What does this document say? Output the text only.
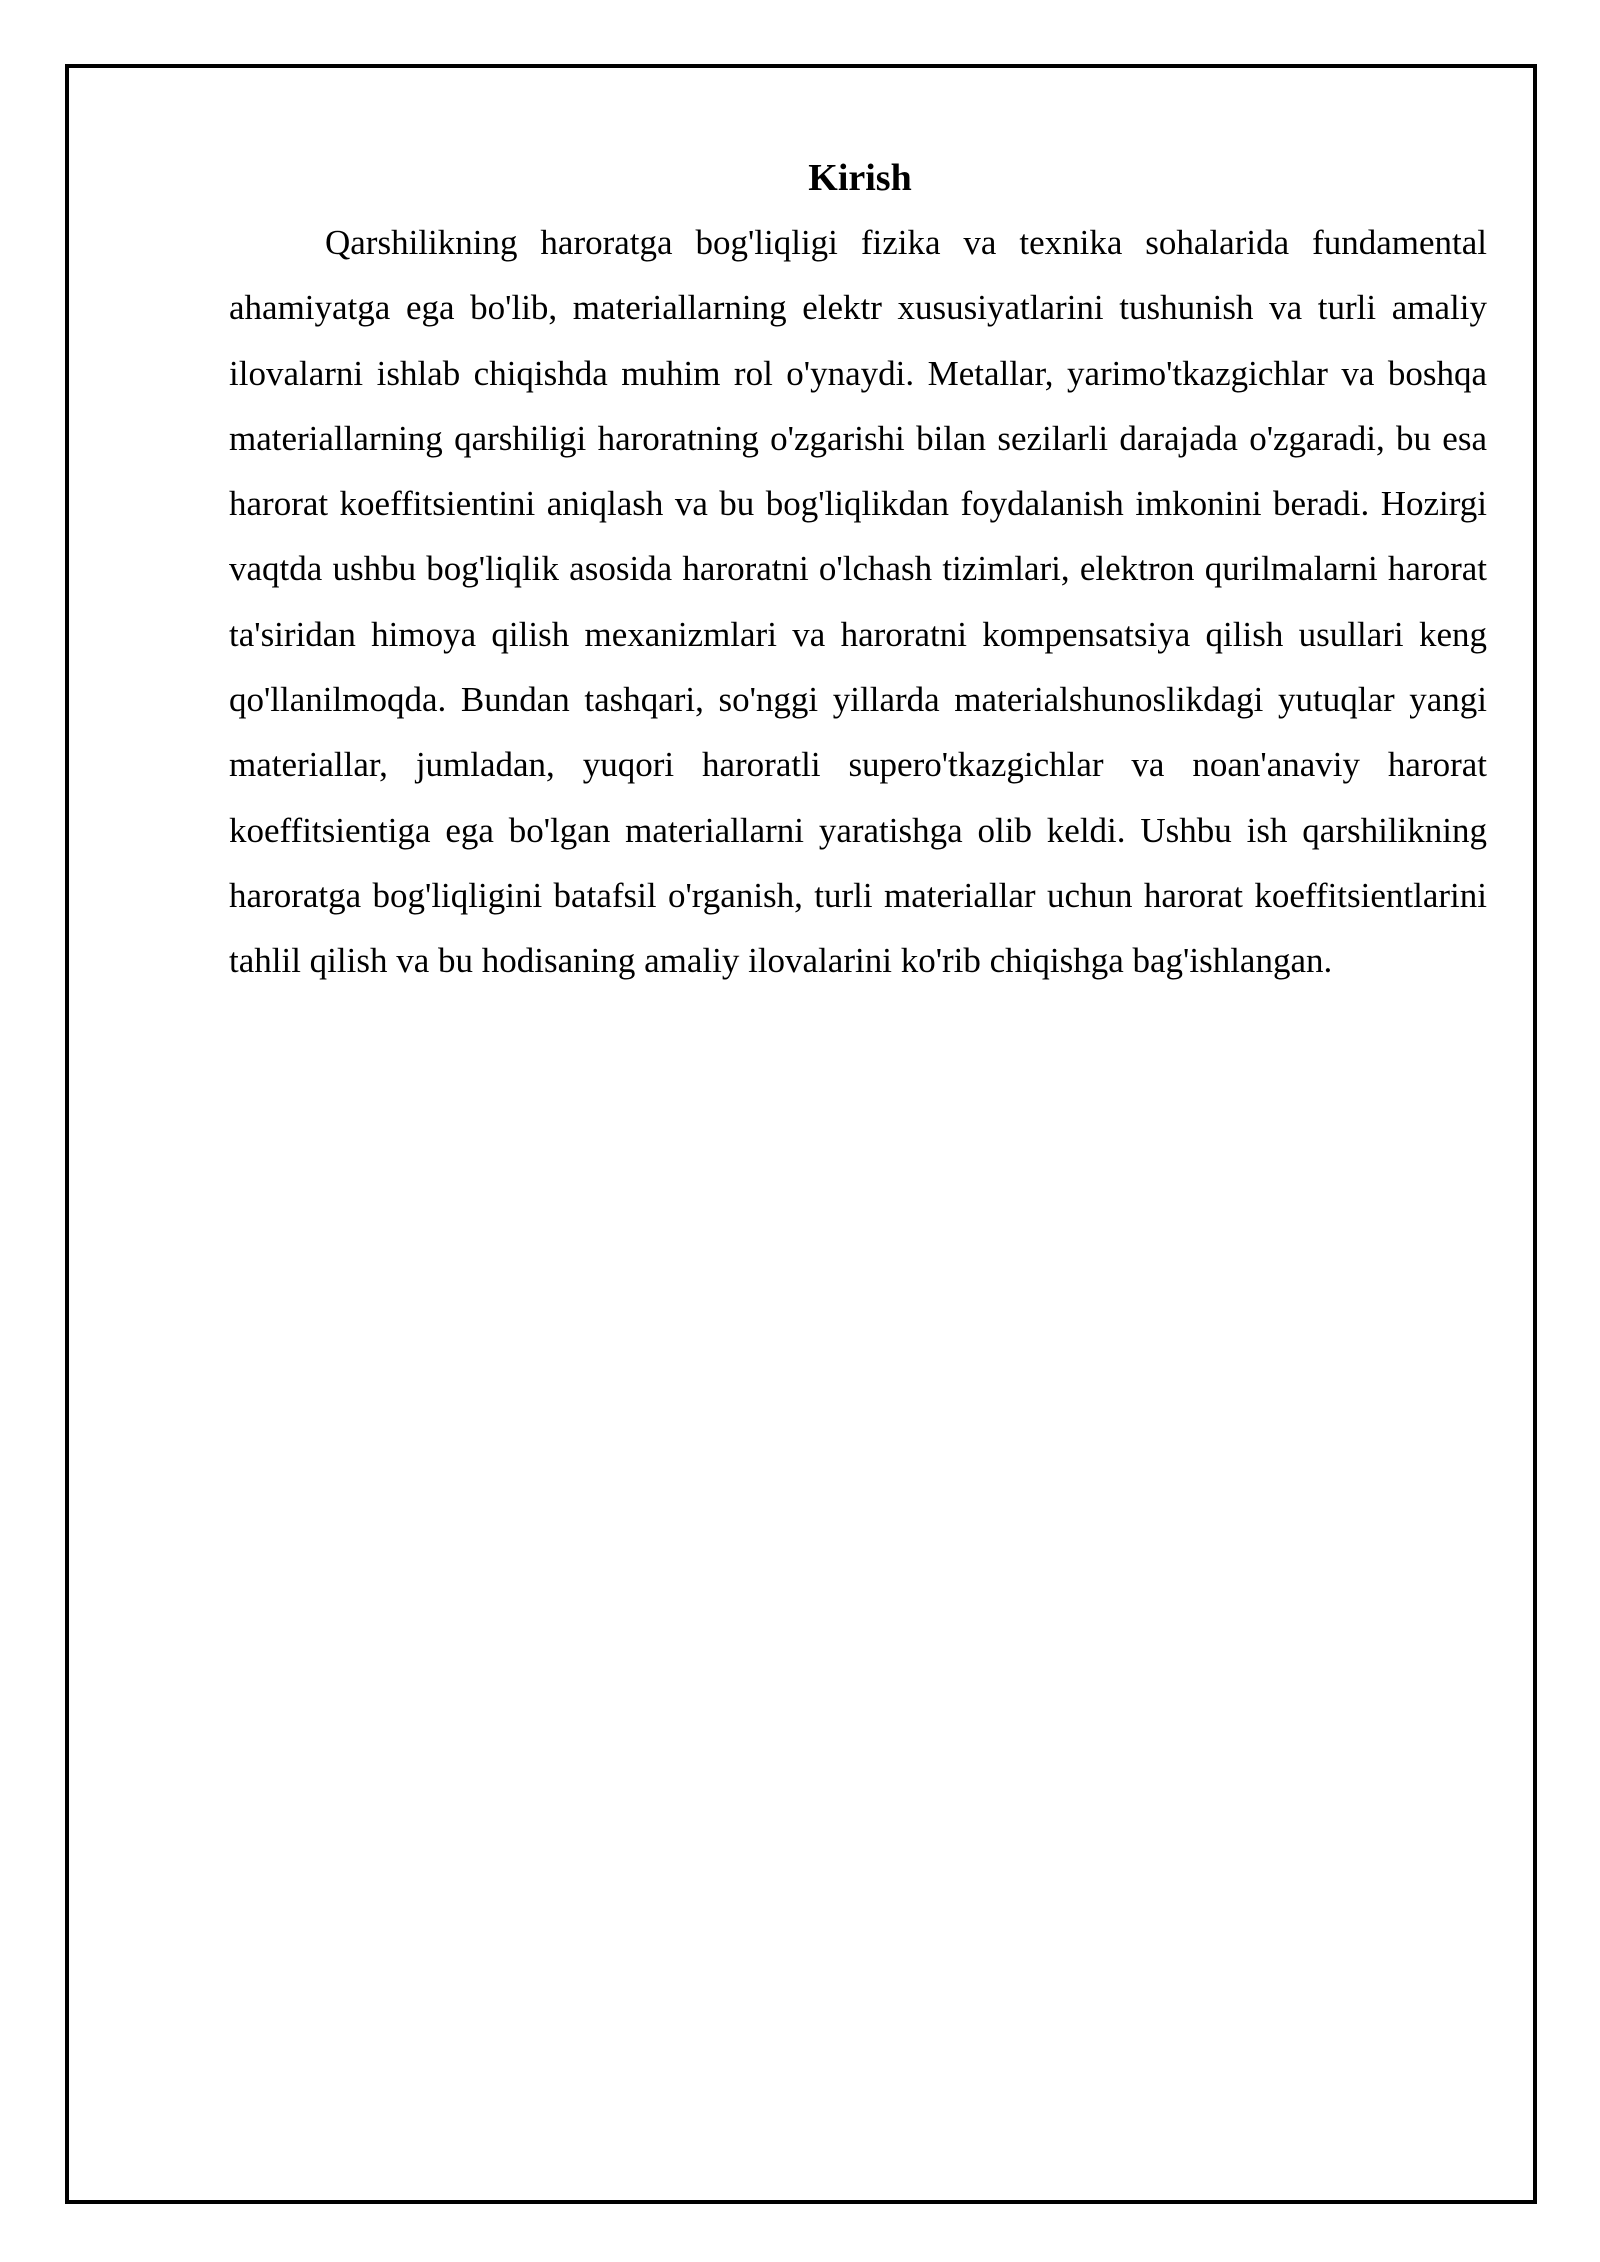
Kirish

Qarshilikning haroratga bog'liqligi fizika va texnika sohalarida fundamental ahamiyatga ega bo'lib, materiallarning elektr xususiyatlarini tushunish va turli amaliy ilovalarni ishlab chiqishda muhim rol o'ynaydi. Metallar, yarimo'tkazgichlar va boshqa materiallarning qarshiligi haroratning o'zgarishi bilan sezilarli darajada o'zgaradi, bu esa harorat koeffitsientini aniqlash va bu bog'liqlikdan foydalanish imkonini beradi. Hozirgi vaqtda ushbu bog'liqlik asosida haroratni o'lchash tizimlari, elektron qurilmalarni harorat ta'siridan himoya qilish mexanizmlari va haroratni kompensatsiya qilish usullari keng qo'llanilmoqda. Bundan tashqari, so'nggi yillarda materialshunoslikdagi yutuqlar yangi materiallar, jumladan, yuqori haroratli supero'tkazgichlar va noan'anaviy harorat koeffitsientiga ega bo'lgan materiallarni yaratishga olib keldi. Ushbu ish qarshilikning haroratga bog'liqligini batafsil o'rganish, turli materiallar uchun harorat koeffitsientlarini tahlil qilish va bu hodisaning amaliy ilovalarini ko'rib chiqishga bag'ishlangan.
